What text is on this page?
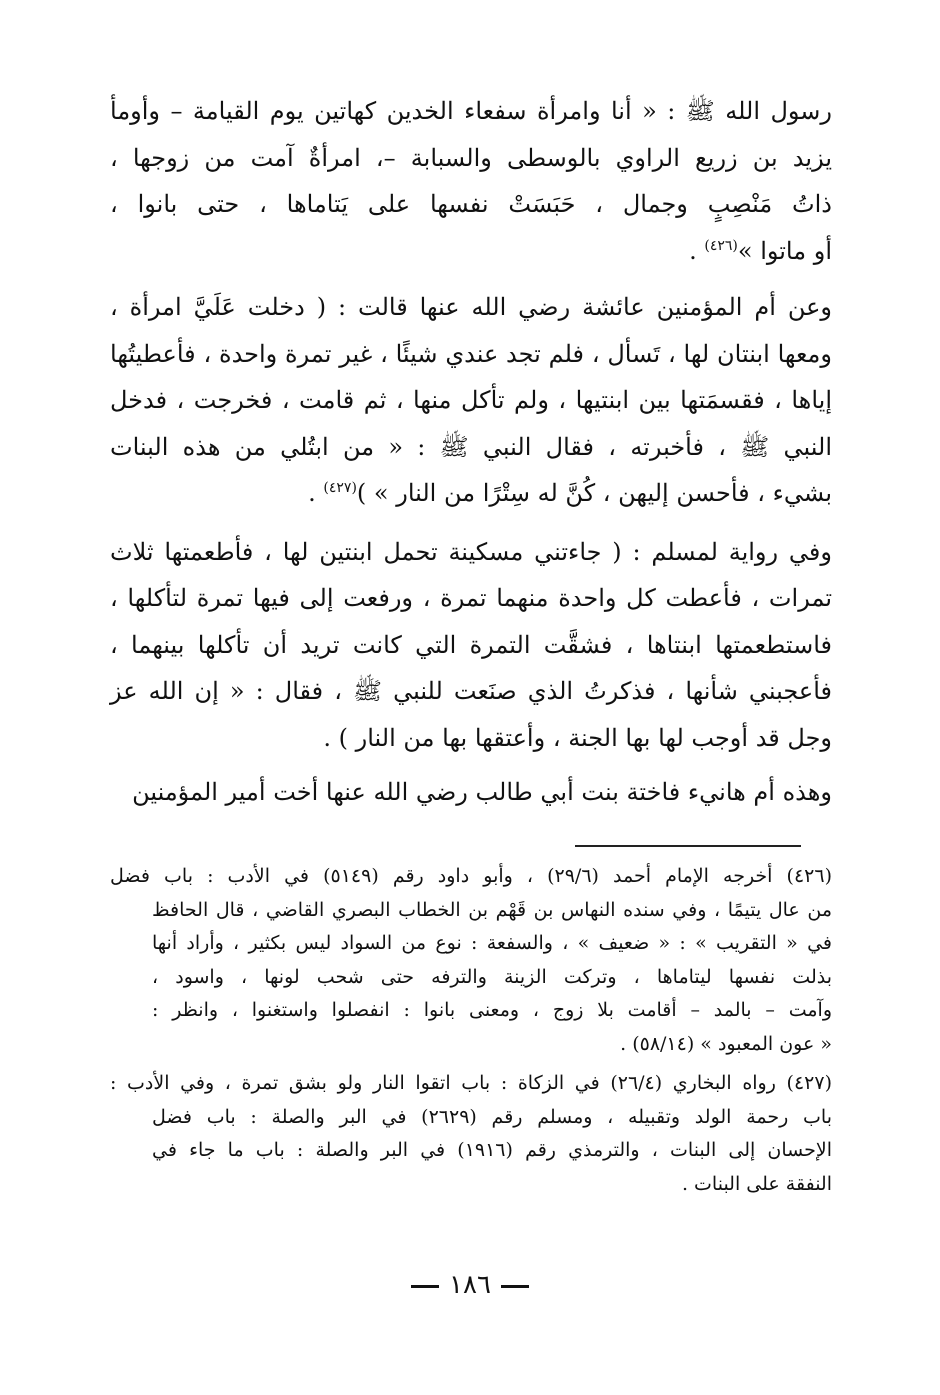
رسول الله ﷺ : « أنا وامرأة سفعاء الخدين كهاتين يوم القيامة – وأومأ
يزيد بن زريع الراوي بالوسطى والسبابة –، امرأةٌ آمت من زوجها ،
ذاتُ مَنْصِبٍ وجمال ، حَبَسَتْ نفسها على يَتاماها ، حتى بانوا ،
أو ماتوا »$^{(٤٢٦)}$ .

وعن أم المؤمنين عائشة رضي الله عنها قالت : ( دخلت عَلَيَّ امرأة ،
ومعها ابنتان لها ، تَسأل ، فلم تجد عندي شيئًا ، غير تمرة واحدة ، فأعطيتُها
إياها ، فقسمَتها بين ابنتيها ، ولم تأكل منها ، ثم قامت ، فخرجت ، فدخل
النبي ﷺ ، فأخبرته ، فقال النبي ﷺ : « من ابتُلي من هذه البنات
بشيء ، فأحسن إليهن ، كُنَّ له سِتْرًا من النار » )$^{(٤٢٧)}$ .

وفي رواية لمسلم : ( جاءتني مسكينة تحمل ابنتين لها ، فأطعمتها ثلاث
تمرات ، فأعطت كل واحدة منهما تمرة ، ورفعت إلى فيها تمرة لتأكلها ،
فاستطعمتها ابنتاها ، فشقَّت التمرة التي كانت تريد أن تأكلها بينهما ،
فأعجبني شأنها ، فذكرتُ الذي صنَعت للنبي ﷺ ، فقال : « إن الله عز
وجل قد أوجب لها بها الجنة ، وأعتقها بها من النار ) .

وهذه أم هانيء فاختة بنت أبي طالب رضي الله عنها أخت أمير المؤمنين

(٤٢٦) أخرجه الإمام أحمد (٢٩/٦) ، وأبو داود رقم (٥١٤٩) في الأدب : باب فضل
من عال يتيمًا ، وفي سنده النهاس بن قَهْم بن الخطاب البصري القاضي ، قال الحافظ
في « التقريب » : « ضعيف » ، والسفعة : نوع من السواد ليس بكثير ، وأراد أنها
بذلت نفسها ليتاماها ، وتركت الزينة والترفه حتى شحب لونها ، واسود ،
وآمت – بالمد – أقامت بلا زوج ، ومعنى بانوا : انفصلوا واستغنوا ، وانظر :
« عون المعبود » (٥٨/١٤) .
(٤٢٧) رواه البخاري (٢٦/٤) في الزكاة : باب اتقوا النار ولو بشق تمرة ، وفي الأدب :
باب رحمة الولد وتقبيله ، ومسلم رقم (٢٦٢٩) في البر والصلة : باب فضل
الإحسان إلى البنات ، والترمذي رقم (١٩١٦) في البر والصلة : باب ما جاء في
النفقة على البنات .
١٨٦
